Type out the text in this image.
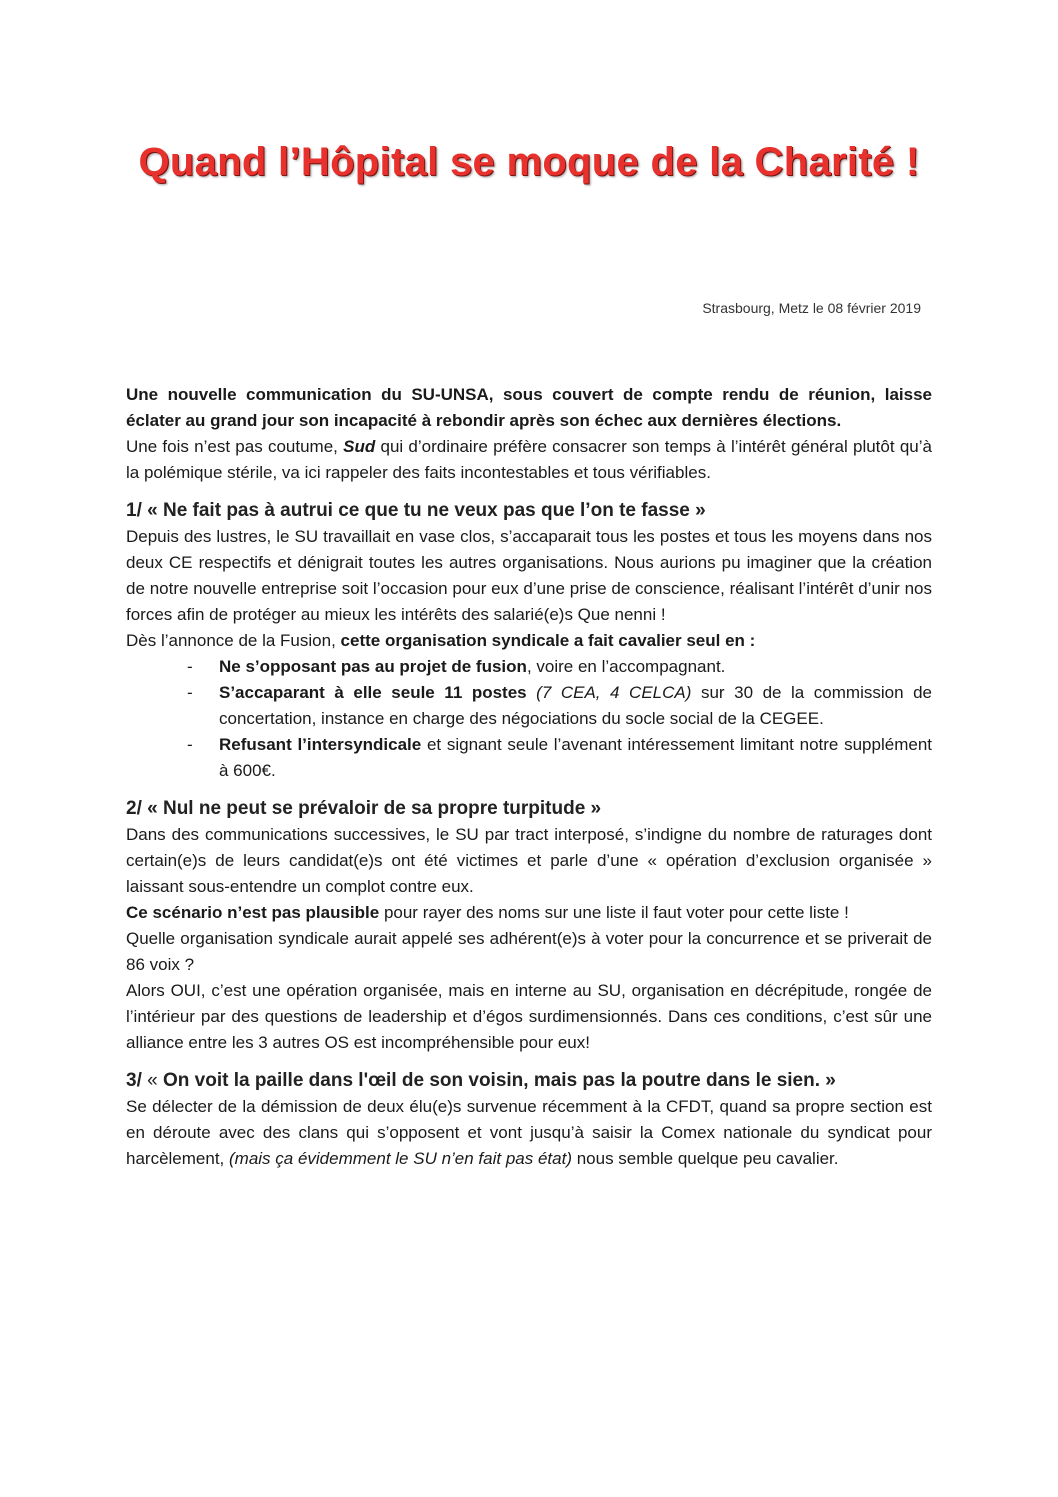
Quand l’Hôpital se moque de la Charité !
Strasbourg, Metz le 08 février 2019

Une nouvelle communication du SU-UNSA, sous couvert de compte rendu de réunion, laisse éclater au grand jour son incapacité à rebondir après son échec aux dernières élections.

Une fois n’est pas coutume, Sud qui d’ordinaire préfère consacrer son temps à l’intérêt général plutôt qu’à la polémique stérile, va ici rappeler des faits incontestables et tous vérifiables.

1/ « Ne fait pas à autrui ce que tu ne veux pas que l’on te fasse »

Depuis des lustres, le SU travaillait en vase clos, s’accaparait tous les postes et tous les moyens dans nos deux CE respectifs et dénigrait toutes les autres organisations. Nous aurions pu imaginer que la création de notre nouvelle entreprise soit l’occasion pour eux d’une prise de conscience, réalisant l’intérêt d’unir nos forces afin de protéger au mieux les intérêts des salarié(e)s Que nenni !

Dès l’annonce de la Fusion, cette organisation syndicale a fait cavalier seul en :

- Ne s’opposant pas au projet de fusion, voire en l’accompagnant.
- S’accaparant à elle seule 11 postes (7 CEA, 4 CELCA) sur 30 de la commission de concertation, instance en charge des négociations du socle social de la CEGEE.
- Refusant l’intersyndicale et signant seule l’avenant intéressement limitant notre supplément à 600€.
2/ « Nul ne peut se prévaloir de sa propre turpitude »

Dans des communications successives, le SU par tract interposé, s’indigne du nombre de raturages dont certain(e)s de leurs candidat(e)s ont été victimes et parle d’une « opération d’exclusion organisée » laissant sous-entendre un complot contre eux.

Ce scénario n’est pas plausible pour rayer des noms sur une liste il faut voter pour cette liste !

Quelle organisation syndicale aurait appelé ses adhérent(e)s à voter pour la concurrence et se priverait de 86 voix ?

Alors OUI, c’est une opération organisée, mais en interne au SU, organisation en décrépitude, rongée de l’intérieur par des questions de leadership et d’égos surdimensionnés. Dans ces conditions, c’est sûr une alliance entre les 3 autres OS est incompréhensible pour eux!

3/ « On voit la paille dans l'œil de son voisin, mais pas la poutre dans le sien. »

Se délecter de la démission de deux élu(e)s survenue récemment à la CFDT, quand sa propre section est en déroute avec des clans qui s’opposent et vont jusqu’à saisir la Comex nationale du syndicat pour harcèlement, (mais ça évidemment le SU n’en fait pas état) nous semble quelque peu cavalier.
